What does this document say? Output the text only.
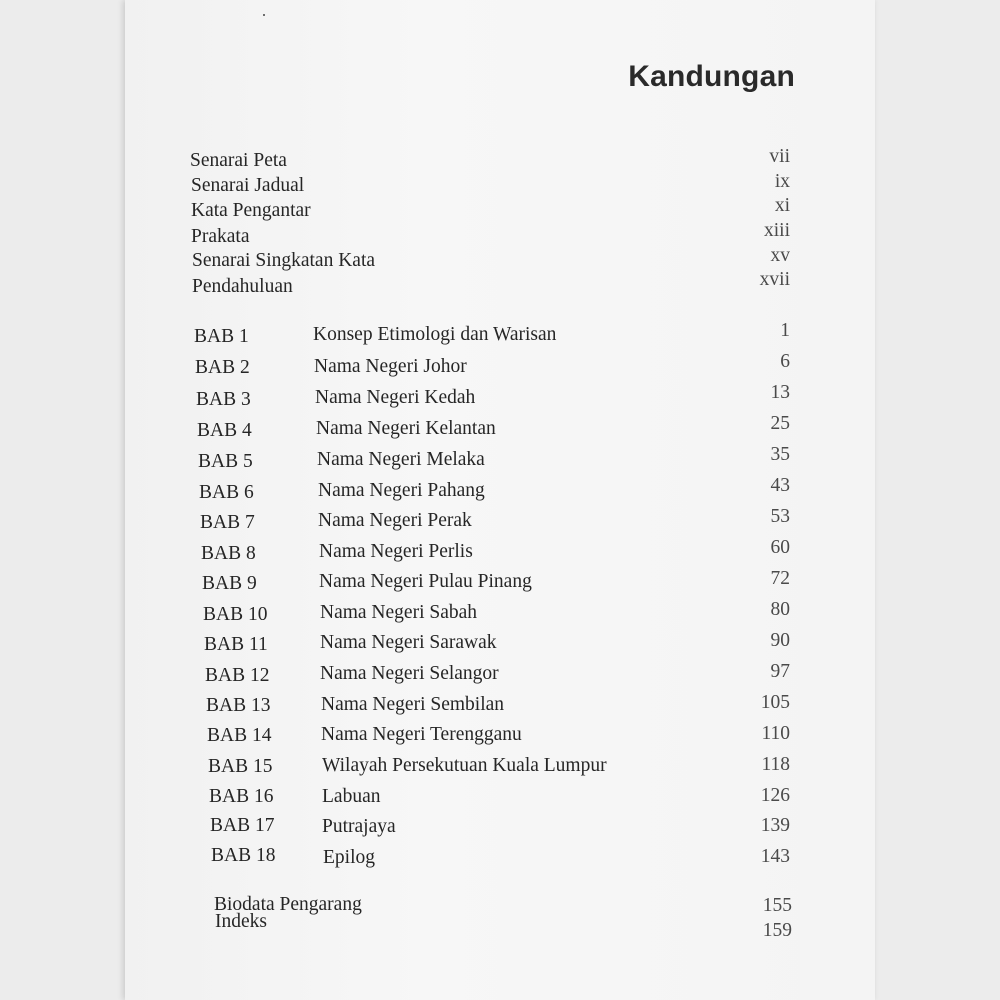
Kandungan
Senarai Peta	vii
Senarai Jadual	ix
Kata Pengantar	xi
Prakata	xiii
Senarai Singkatan Kata	xv
Pendahuluan	xvii
BAB 1	Konsep Etimologi dan Warisan	1
BAB 2	Nama Negeri Johor	6
BAB 3	Nama Negeri Kedah	13
BAB 4	Nama Negeri Kelantan	25
BAB 5	Nama Negeri Melaka	35
BAB 6	Nama Negeri Pahang	43
BAB 7	Nama Negeri Perak	53
BAB 8	Nama Negeri Perlis	60
BAB 9	Nama Negeri Pulau Pinang	72
BAB 10	Nama Negeri Sabah	80
BAB 11	Nama Negeri Sarawak	90
BAB 12	Nama Negeri Selangor	97
BAB 13	Nama Negeri Sembilan	105
BAB 14	Nama Negeri Terengganu	110
BAB 15	Wilayah Persekutuan Kuala Lumpur	118
BAB 16 Labuan	126
BAB 17 Putrajaya	139
BAB 18 Epilog	143
Biodata Pengarang	155
Indeks	159
